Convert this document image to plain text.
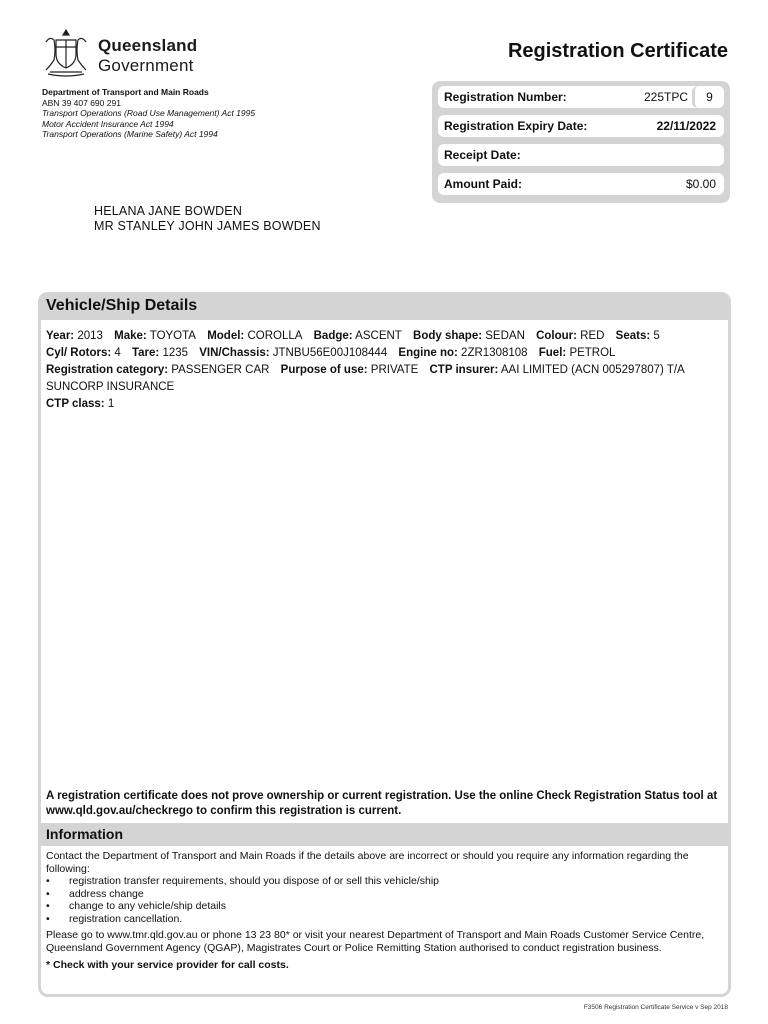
Queensland
Government
Department of Transport and Main Roads
ABN 39 407 690 291
Transport Operations (Road Use Management) Act 1995
Motor Accident Insurance Act 1994
Transport Operations (Marine Safety) Act 1994
Registration Certificate
Registration Number:	225TPC	9
Registration Expiry Date:	22/11/2022
Receipt Date:
Amount Paid:	$0.00
HELANA JANE BOWDEN
MR STANLEY JOHN JAMES BOWDEN
Vehicle/Ship Details
Year: 2013 Make: TOYOTA Model: COROLLA Badge: ASCENT Body shape: SEDAN Colour: RED Seats: 5 Cyl/ Rotors: 4 Tare: 1235 VIN/Chassis: JTNBU56E00J108444 Engine no: 2ZR1308108 Fuel: PETROL Registration category: PASSENGER CAR Purpose of use: PRIVATE CTP insurer: AAI LIMITED (ACN 005297807) T/A SUNCORP INSURANCE
CTP class: 1
A registration certificate does not prove ownership or current registration. Use the online Check Registration Status tool at www.qld.gov.au/checkrego to confirm this registration is current.
Information

Contact the Department of Transport and Main Roads if the details above are incorrect or should you require any information regarding the following:

• registration transfer requirements, should you dispose of or sell this vehicle/ship
• address change
• change to any vehicle/ship details
• registration cancellation.

Please go to www.tmr.qld.gov.au or phone 13 23 80* or visit your nearest Department of Transport and Main Roads Customer Service Centre, Queensland Government Agency (QGAP), Magistrates Court or Police Remitting Station authorised to conduct registration business.

* Check with your service provider for call costs.

F3506 Registration Certificate Service v Sep 2018
